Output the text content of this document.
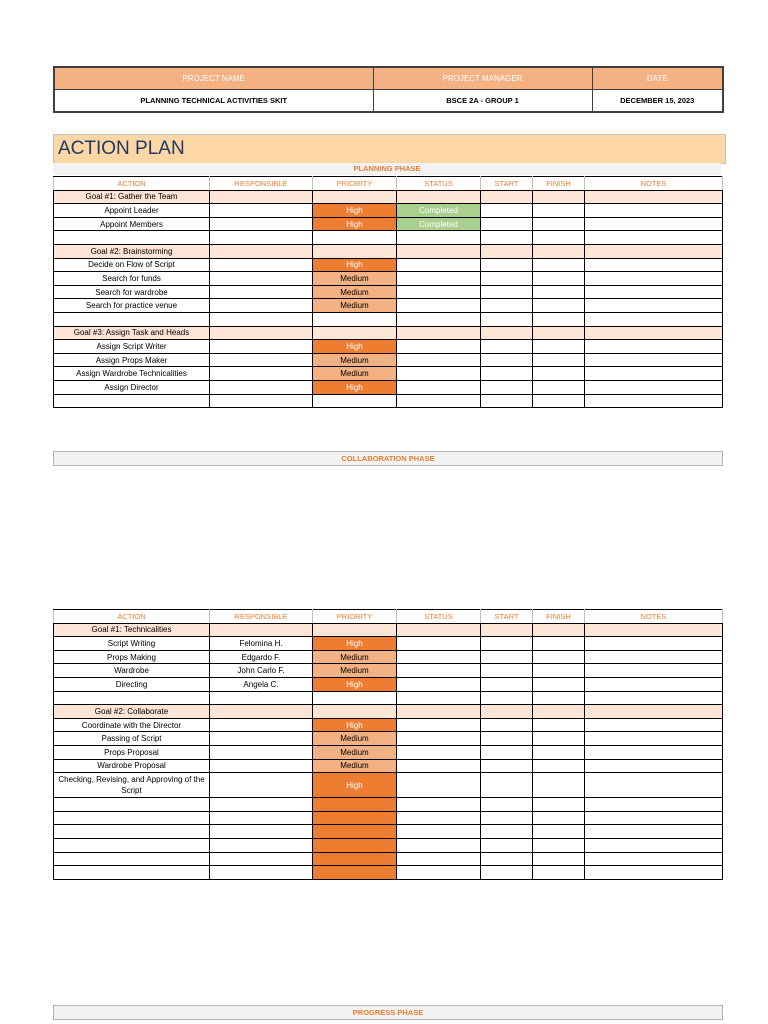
PROJECT NAME	PROJECT MANAGER	DATE
PLANNING TECHNICAL ACTIVITIES SKIT	BSCE 2A - GROUP 1	DECEMBER 15, 2023
ACTION PLAN
PLANNING PHASE
ACTION	RESPONSIBLE	PRIORITY	STATUS	START	FINISH	NOTES
Goal #1: Gather the Team						
Appoint Leader		High	Completed			
Appoint Members		High	Completed			

Goal #2: Brainstorming						
Decide on Flow of Script		High				
Search for funds		Medium				
Search for wardrobe		Medium				
Search for practice venue		Medium				

Goal #3: Assign Task and Heads						
Assign Script Writer		High				
Assign Props Maker		Medium				
Assign Wardrobe Technicalities		Medium				
Assign Director		High				

COLLABORATION PHASE
ACTION	RESPONSIBLE	PRIORITY	STATUS	START	FINISH	NOTES
Goal #1: Technicalities						
Script Writing	Felomina H.	High				
Props Making	Edgardo F.	Medium				
Wardrobe	John Carlo F.	Medium				
Directing	Angela C.	High				

Goal #2: Collaborate						
Coordinate with the Director		High				
Passing of Script		Medium				
Props Proposal		Medium				
Wardrobe Proposal		Medium				
Checking, Revising, and Approving of the Script		High				

PROGRESS PHASE
